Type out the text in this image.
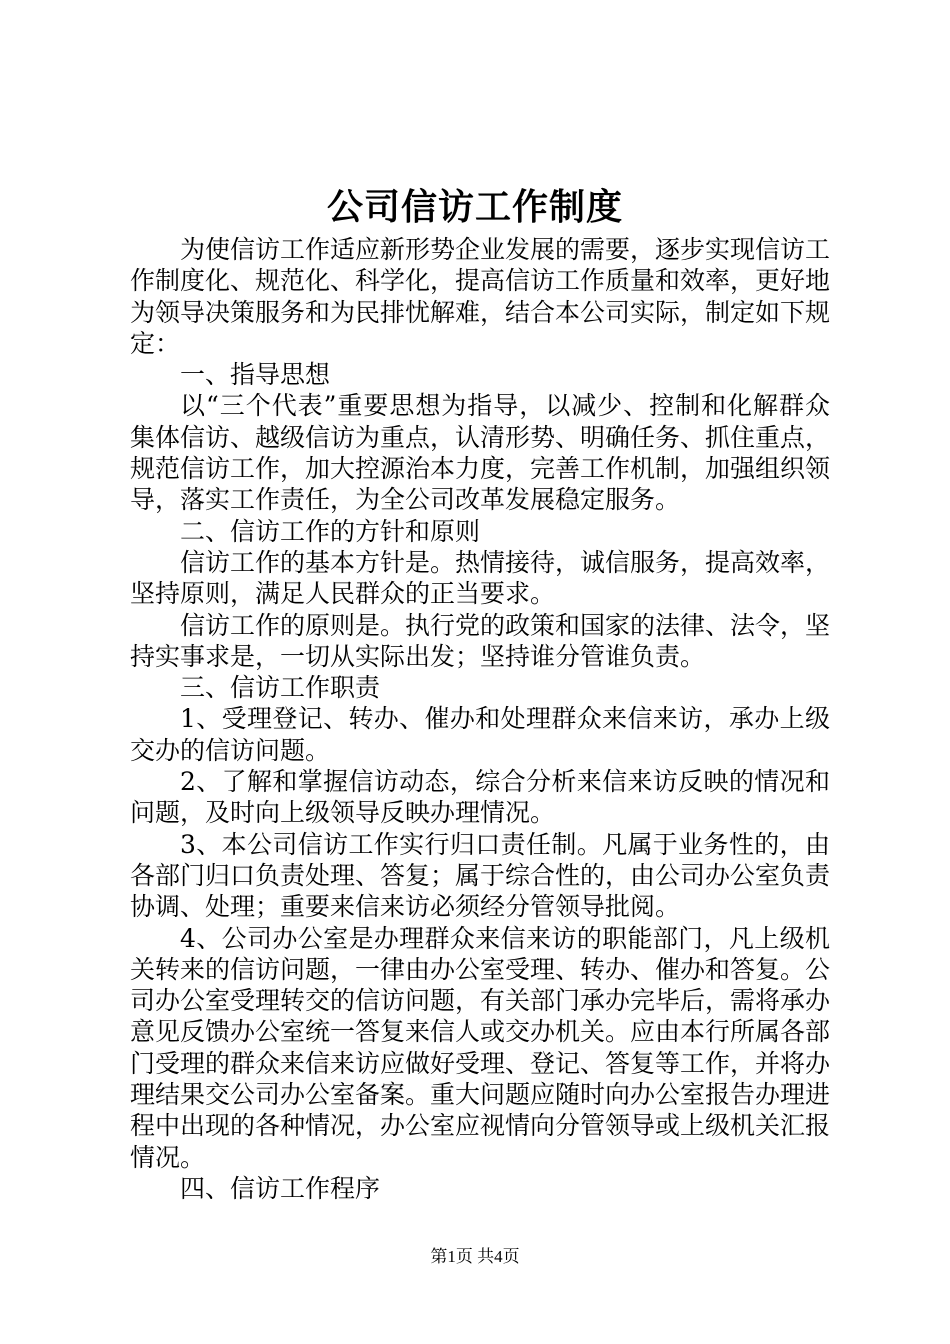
公司信访工作制度

为使信访工作适应新形势企业发展的需要，逐步实现信访工作制度化、规范化、科学化，提高信访工作质量和效率，更好地为领导决策服务和为民排忧解难，结合本公司实际，制定如下规定：

一、指导思想

以“三个代表”重要思想为指导，以减少、控制和化解群众集体信访、越级信访为重点，认清形势、明确任务、抓住重点，规范信访工作，加大控源治本力度，完善工作机制，加强组织领导，落实工作责任，为全公司改革发展稳定服务。

二、信访工作的方针和原则

信访工作的基本方针是。热情接待，诚信服务，提高效率，坚持原则，满足人民群众的正当要求。

信访工作的原则是。执行党的政策和国家的法律、法令，坚持实事求是，一切从实际出发；坚持谁分管谁负责。

三、信访工作职责

1、受理登记、转办、催办和处理群众来信来访，承办上级交办的信访问题。

2、了解和掌握信访动态，综合分析来信来访反映的情况和问题，及时向上级领导反映办理情况。

3、本公司信访工作实行归口责任制。凡属于业务性的，由各部门归口负责处理、答复；属于综合性的，由公司办公室负责协调、处理；重要来信来访必须经分管领导批阅。

4、公司办公室是办理群众来信来访的职能部门，凡上级机关转来的信访问题，一律由办公室受理、转办、催办和答复。公司办公室受理转交的信访问题，有关部门承办完毕后，需将承办意见反馈办公室统一答复来信人或交办机关。应由本行所属各部门受理的群众来信来访应做好受理、登记、答复等工作，并将办理结果交公司办公室备案。重大问题应随时向办公室报告办理进程中出现的各种情况，办公室应视情向分管领导或上级机关汇报情况。

四、信访工作程序

第1页 共4页
